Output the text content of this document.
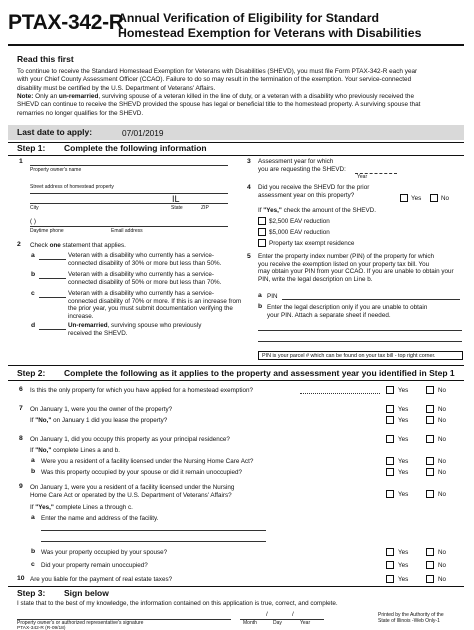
PTAX-342-R
Annual Verification of Eligibility for Standard
Homestead Exemption for Veterans with Disabilities
Read this first
To continue to receive the Standard Homestead Exemption for Veterans with Disabilities (SHEVD), you must file Form PTAX-342-R each year
with your Chief County Assessment Officer (CCAO). Failure to do so may result in the termination of the exemption. Your service-connected
disability must be certified by the U.S. Department of Veterans' Affairs.
Note: Only an un-remarried, surviving spouse of a veteran killed in the line of duty, or a veteran with a disability who previously received the
SHEVD can continue to receive the SHEVD provided the spouse has legal or beneficial title to the homestead property. A surviving spouse that
remarries no longer qualifies for the SHEVD.
Last date to apply:	07/01/2019
Step 1: Complete the following information
1
Property owner's name
Street address of homestead property
IL
City	State	ZIP
( )
Daytime phone	Email address
2 Check one statement that applies.
a	Veteran with a disability who currently has a service-
connected disability of 30% or more but less than 50%.
b	Veteran with a disability who currently has a service-
connected disability of 50% or more but less than 70%.
c	Veteran with a disability who currently has a service-
connected disability of 70% or more. If this is an increase from
the prior year, you must submit documentation verifying the
increase.
d	Un-remarried, surviving spouse who previously
received the SHEVD.
3 Assessment year for which
you are requesting the SHEVD:
Year
4 Did you receive the SHEVD for the prior
assessment year on this property?	Yes	No
If "Yes," check the amount of the SHEVD.
$2,500 EAV reduction
$5,000 EAV reduction
Property tax exempt residence
5 Enter the property index number (PIN) of the property for which
you receive the exemption listed on your property tax bill. You
may obtain your PIN from your CCAO. If you are unable to obtain your
PIN, write the legal description on Line b.
a PIN
b Enter the legal description only if you are unable to obtain
your PIN. Attach a separate sheet if needed.
PIN is your parcel # which can be found on your tax bill - top right corner.
Step 2: Complete the following as it applies to the property and assessment year you identified in Step 1
6 Is this the only property for which you have applied for a homestead exemption?	Yes	No
7 On January 1, were you the owner of the property?	Yes	No
If "No," on January 1 did you lease the property?	Yes	No
8 On January 1, did you occupy this property as your principal residence?	Yes	No
If "No," complete Lines a and b.
a Were you a resident of a facility licensed under the Nursing Home Care Act?	Yes	No
b Was this property occupied by your spouse or did it remain unoccupied?	Yes	No
9 On January 1, were you a resident of a facility licensed under the Nursing
Home Care Act or operated by the U.S. Department of Veterans' Affairs?	Yes	No
If "Yes," complete Lines a through c.
a Enter the name and address of the facility.
b Was your property occupied by your spouse?	Yes	No
c Did your property remain unoccupied?	Yes	No
10 Are you liable for the payment of real estate taxes?	Yes	No
Step 3: Sign below
I state that to the best of my knowledge, the information contained on this application is true, correct, and complete.
Property owner's or authorized representative's signature
/	/
Month	Day	Year
Printed by the Authority of the
State of Illinois -Web Only-1
PTAX-342-R (R-09/18)
